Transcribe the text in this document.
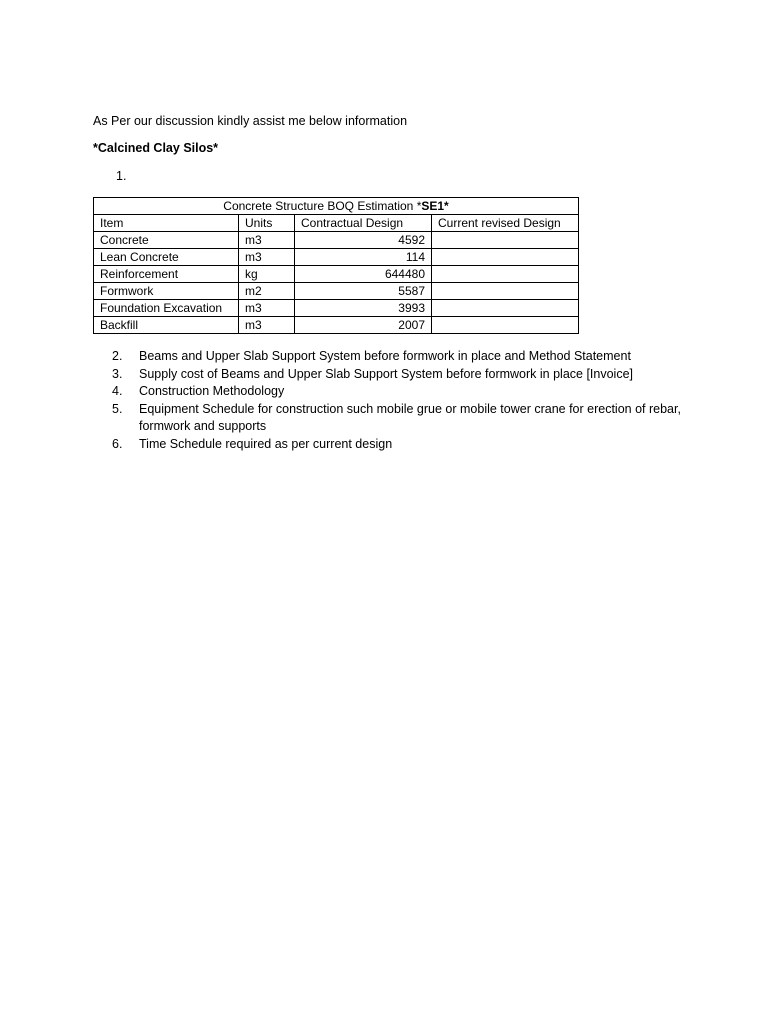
As Per our discussion kindly assist me below information
*Calcined Clay Silos*
1.
Concrete Structure BOQ Estimation *SE1*			
Item	Units	Contractual Design	Current revised Design
Concrete	m3	4592	
Lean Concrete	m3	114	
Reinforcement	kg	644480	
Formwork	m2	5587	
Foundation Excavation	m3	3993	
Backfill	m3	2007	
2.	Beams and Upper Slab Support System before formwork in place and Method Statement
3.	Supply cost of Beams and Upper Slab Support System before formwork in place [Invoice]
4.	Construction Methodology
5.	Equipment Schedule for construction such mobile grue or mobile tower crane for erection of rebar, formwork and supports
6.	Time Schedule required as per current design
